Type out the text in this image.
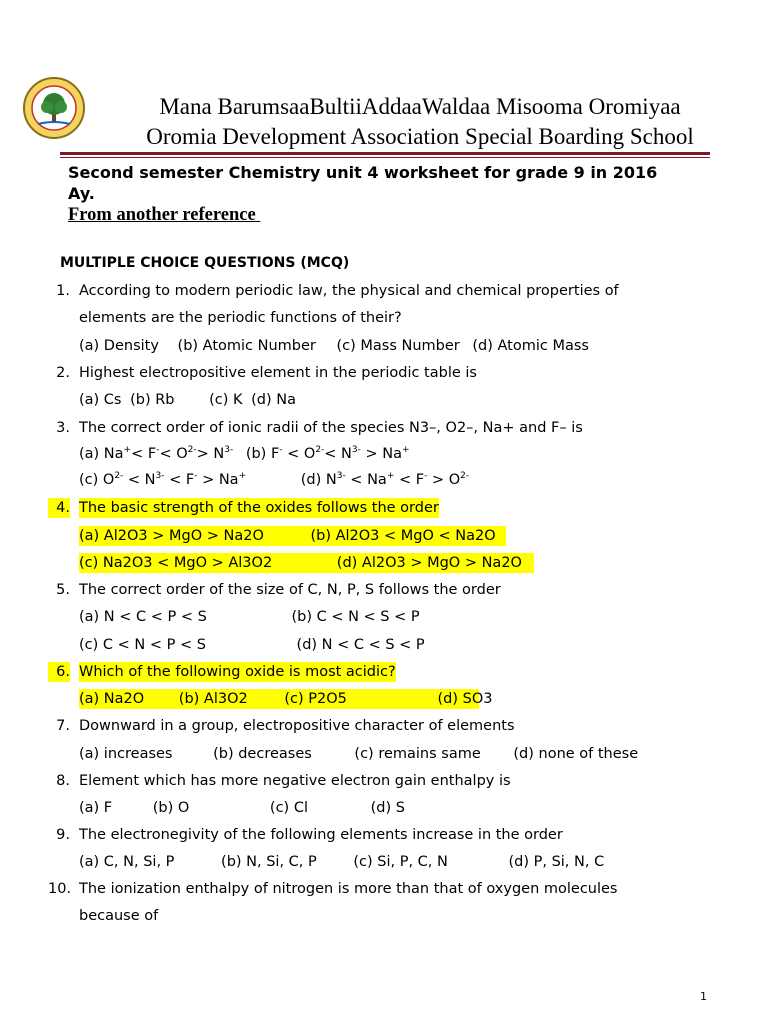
Mana BarumsaaBultiiAddaaWaldaa Misooma Oromiyaa
Oromia Development Association Special Boarding School

Second semester Chemistry unit 4 worksheet for grade 9 in 2016 Ay.

From another reference
MULTIPLE CHOICE QUESTIONS (MCQ)
1. According to modern periodic law, the physical and chemical properties of
elements are the periodic functions of their?
(a) Density (b) Atomic Number (c) Mass Number (d) Atomic Mass
2. Highest electropositive element in the periodic table is
(a) Cs (b) Rb (c) K (d) Na
3. The correct order of ionic radii of the species N3–, O2–, Na+ and F– is
(a) $Na^+< F^-< O^{2-}> N^{3-}$ (b) $F^- < O^{2-}< N^{3-} > Na^+$
(c) $O^{2-} < N^{3-} < F^- > Na^+$	(d) $N^{3-} < Na^+ < F^- > O^{2-}$
4. The basic strength of the oxides follows the order
(a) Al2O3 > MgO > Na2O	(b) Al2O3 < MgO < Na2O
(c) Na2O3 < MgO > Al3O2	(d) Al2O3 > MgO > Na2O
5. The correct order of the size of C, N, P, S follows the order
(a) N < C < P < S	(b) C < N < S < P
(c) C < N < P < S	(d) N < C < S < P
6. Which of the following oxide is most acidic?
(a) Na2O (b) Al3O2	(c) P2O5	(d) SO3
7. Downward in a group, electropositive character of elements
(a) increases	(b) decreases	(c) remains same (d) none of these
8. Element which has more negative electron gain enthalpy is
(a) F	(b) O	(c) Cl	(d) S
9. The electronegivity of the following elements increase in the order
(a) C, N, Si, P	(b) N, Si, C, P	(c) Si, P, C, N	(d) P, Si, N, C
10. The ionization enthalpy of nitrogen is more than that of oxygen molecules
because of
1
